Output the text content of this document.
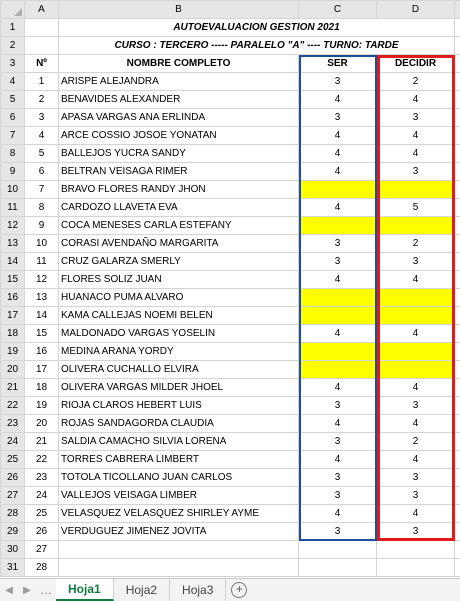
	A	B	C	D	
1		AUTOEVALUACION GESTION 2021			
2		CURSO : TERCERO ----- PARALELO "A" ---- TURNO: TARDE			
3	Nº	NOMBRE COMPLETO	SER	DECIDIR	
4	1	ARISPE ALEJANDRA	3	2	
5	2	BENAVIDES ALEXANDER	4	4	
6	3	APASA VARGAS ANA ERLINDA	3	3	
7	4	ARCE COSSIO JOSOE YONATAN	4	4	
8	5	BALLEJOS YUCRA SANDY	4	4	
9	6	BELTRAN VEISAGA RIMER	4	3	
10	7	BRAVO FLORES RANDY JHON			
11	8	CARDOZO LLAVETA EVA	4	5	
12	9	COCA MENESES CARLA ESTEFANY			
13	10	CORASI AVENDAÑO MARGARITA	3	2	
14	11	CRUZ GALARZA SMERLY	3	3	
15	12	FLORES SOLIZ JUAN	4	4	
16	13	HUANACO PUMA ALVARO			
17	14	KAMA CALLEJAS NOEMI BELEN			
18	15	MALDONADO VARGAS YOSELIN	4	4	
19	16	MEDINA ARANA YORDY			
20	17	OLIVERA CUCHALLO ELVIRA			
21	18	OLIVERA VARGAS MILDER JHOEL	4	4	
22	19	RIOJA CLAROS HEBERT LUIS	3	3	
23	20	ROJAS SANDAGORDA CLAUDIA	4	4	
24	21	SALDIA CAMACHO SILVIA LORENA	3	2	
25	22	TORRES CABRERA LIMBERT	4	4	
26	23	TOTOLA TICOLLANO JUAN CARLOS	3	3	
27	24	VALLEJOS VEISAGA LIMBER	3	3	
28	25	VELASQUEZ VELASQUEZ SHIRLEY AYME	4	4	
29	26	VERDUGUEZ JIMENEZ JOVITA	3	3	
30	27				
31	28				
◀	▶ …	Hoja1	Hoja2	Hoja3	+
